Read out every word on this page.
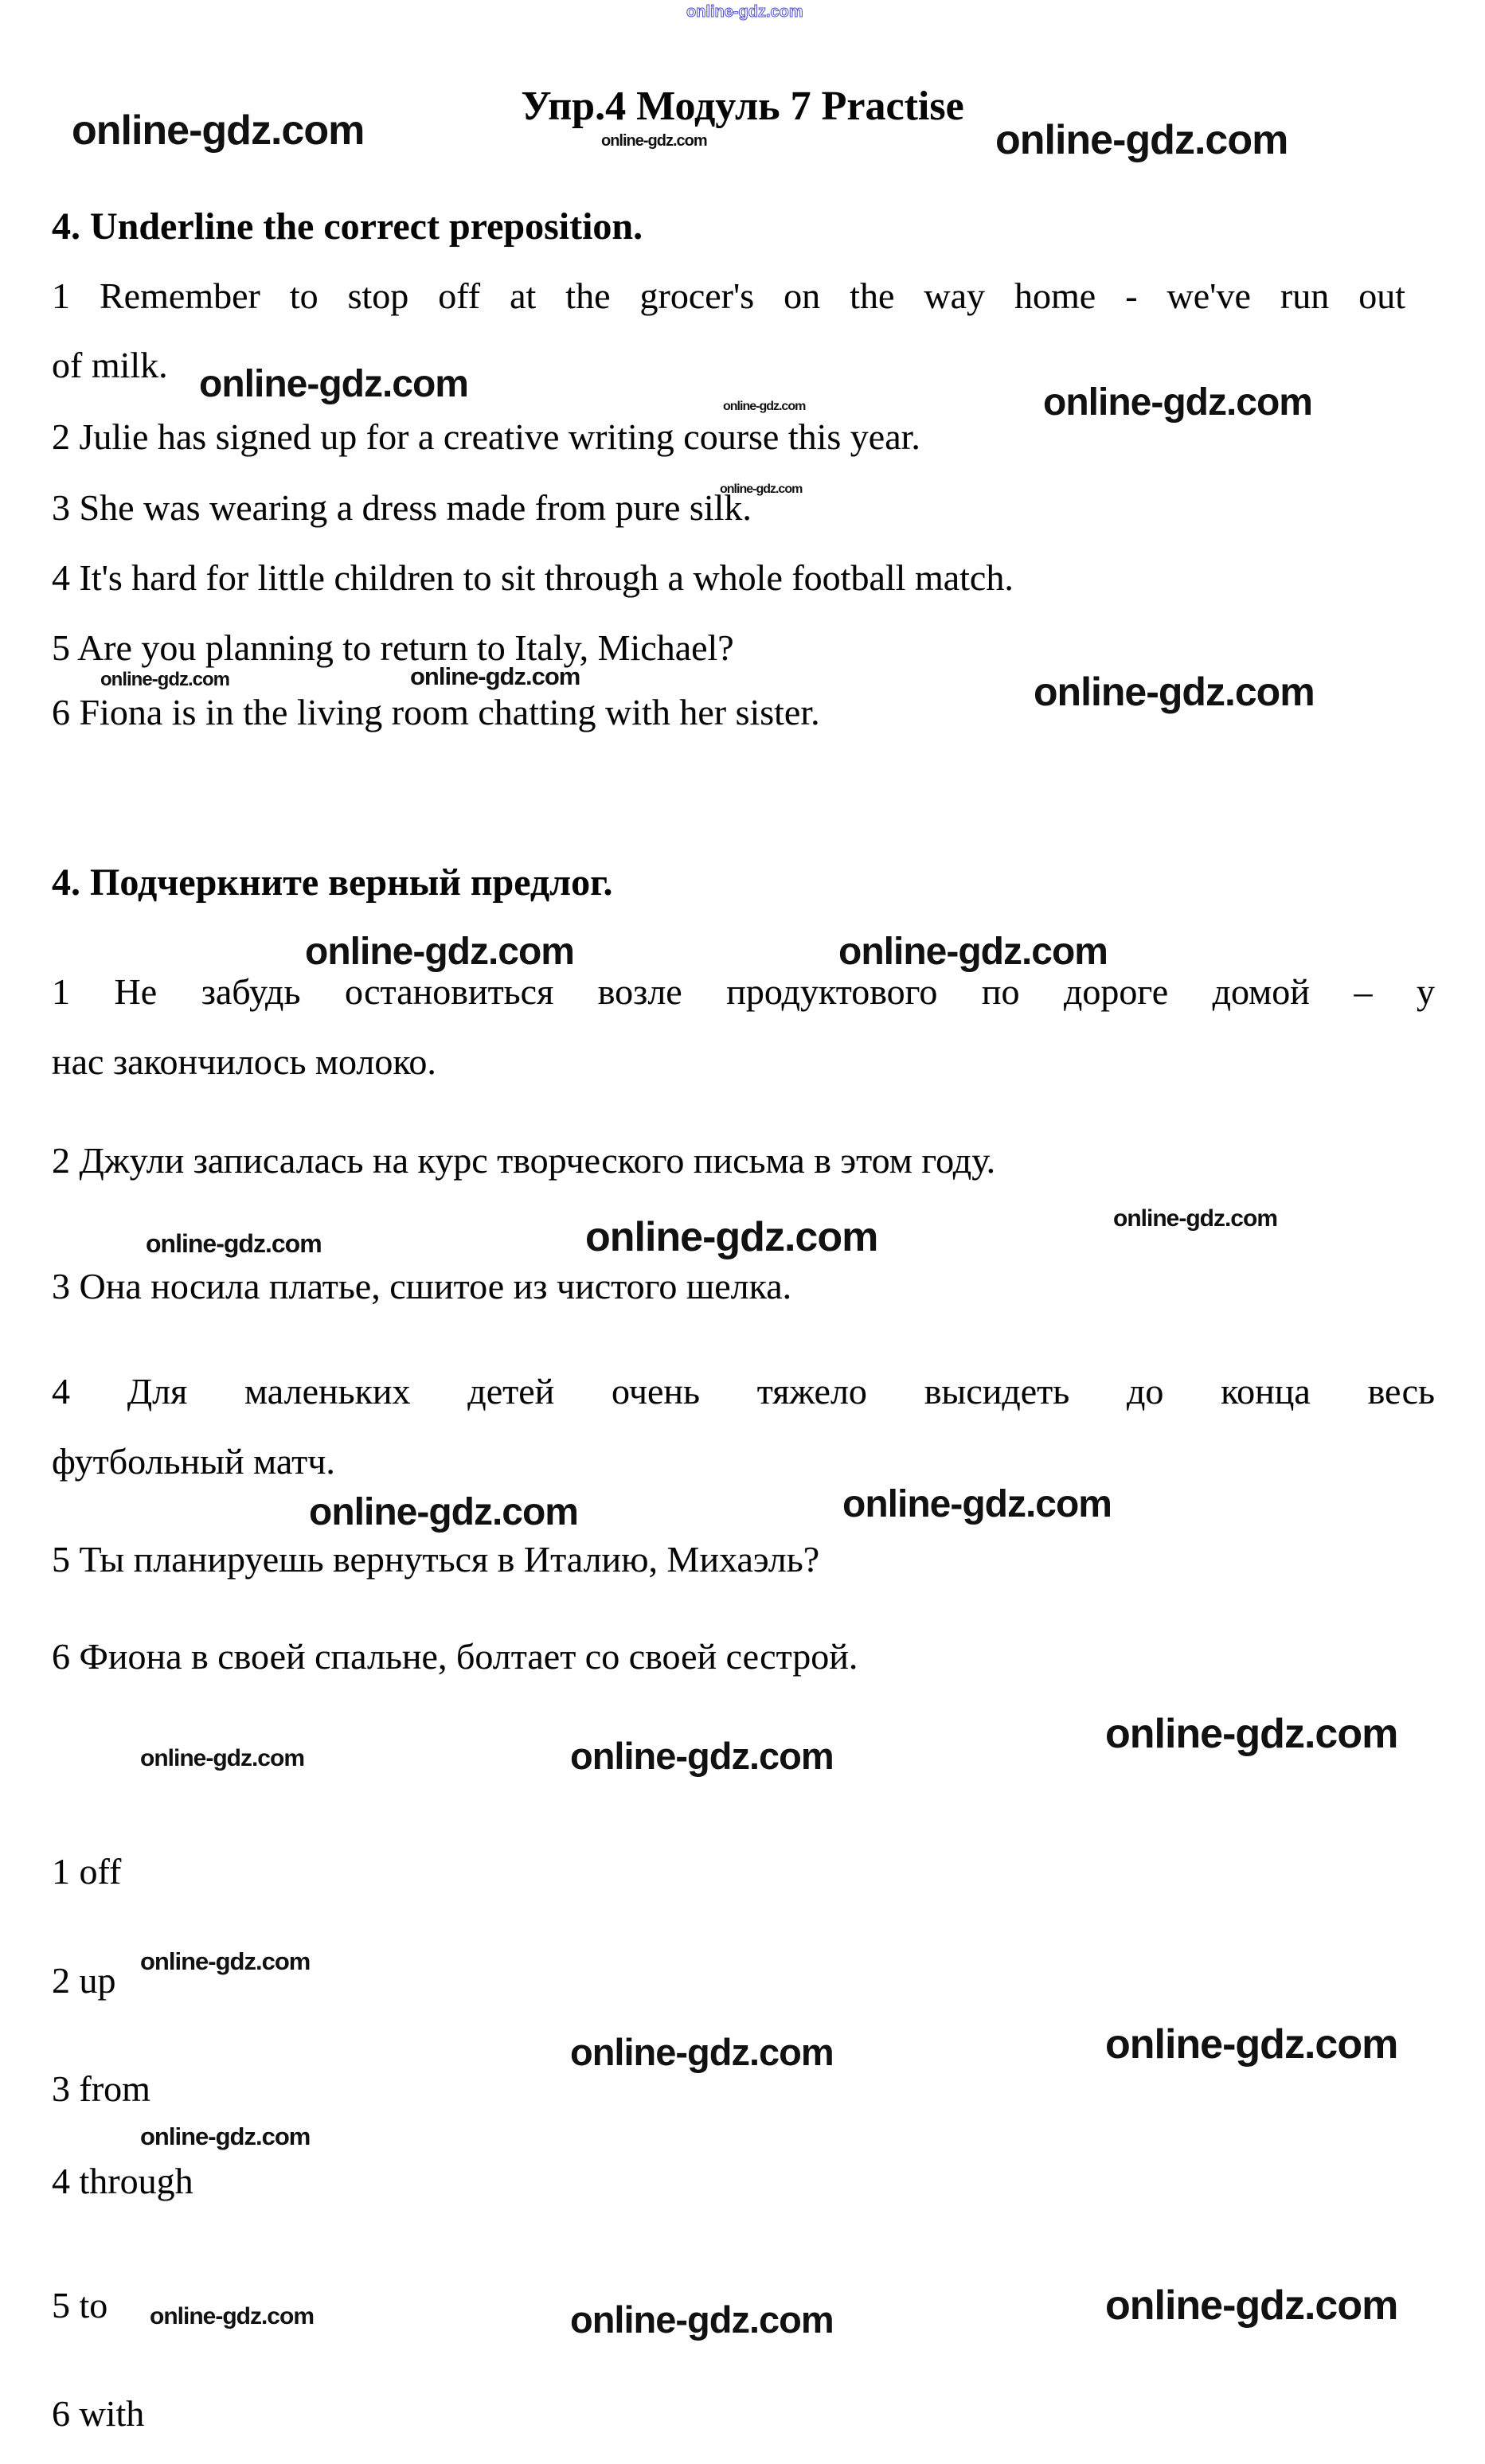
online-gdz.com
online-gdz.com	online-gdz.com	online-gdz.com
online-gdz.com
online-gdz.com	online-gdz.com
online-gdz.com
online-gdz.com	online-gdz.com	online-gdz.com
online-gdz.com	online-gdz.com
online-gdz.com
online-gdz.com
online-gdz.com
online-gdz.com	online-gdz.com
online-gdz.com	online-gdz.com	online-gdz.com
online-gdz.com
online-gdz.com	online-gdz.com
online-gdz.com
online-gdz.com	online-gdz.com	online-gdz.com
Упр.4 Модуль 7 Practise
4. Underline the correct preposition.
1 Remember to stop off at the grocer's on the way home - we've run out
of milk.
2 Julie has signed up for a creative writing course this year.
3 She was wearing a dress made from pure silk.
4 It's hard for little children to sit through a whole football match.
5 Are you planning to return to Italy, Michael?
6 Fiona is in the living room chatting with her sister.
4. Подчеркните верный предлог.
1 Не забудь остановиться возле продуктового по дороге домой – у
нас закончилось молоко.
2 Джули записалась на курс творческого письма в этом году.
3 Она носила платье, сшитое из чистого шелка.
4 Для маленьких детей очень тяжело высидеть до конца весь
футбольный матч.
5 Ты планируешь вернуться в Италию, Михаэль?
6 Фиона в своей спальне, болтает со своей сестрой.
1 off
2 up
3 from
4 through
5 to
6 with
